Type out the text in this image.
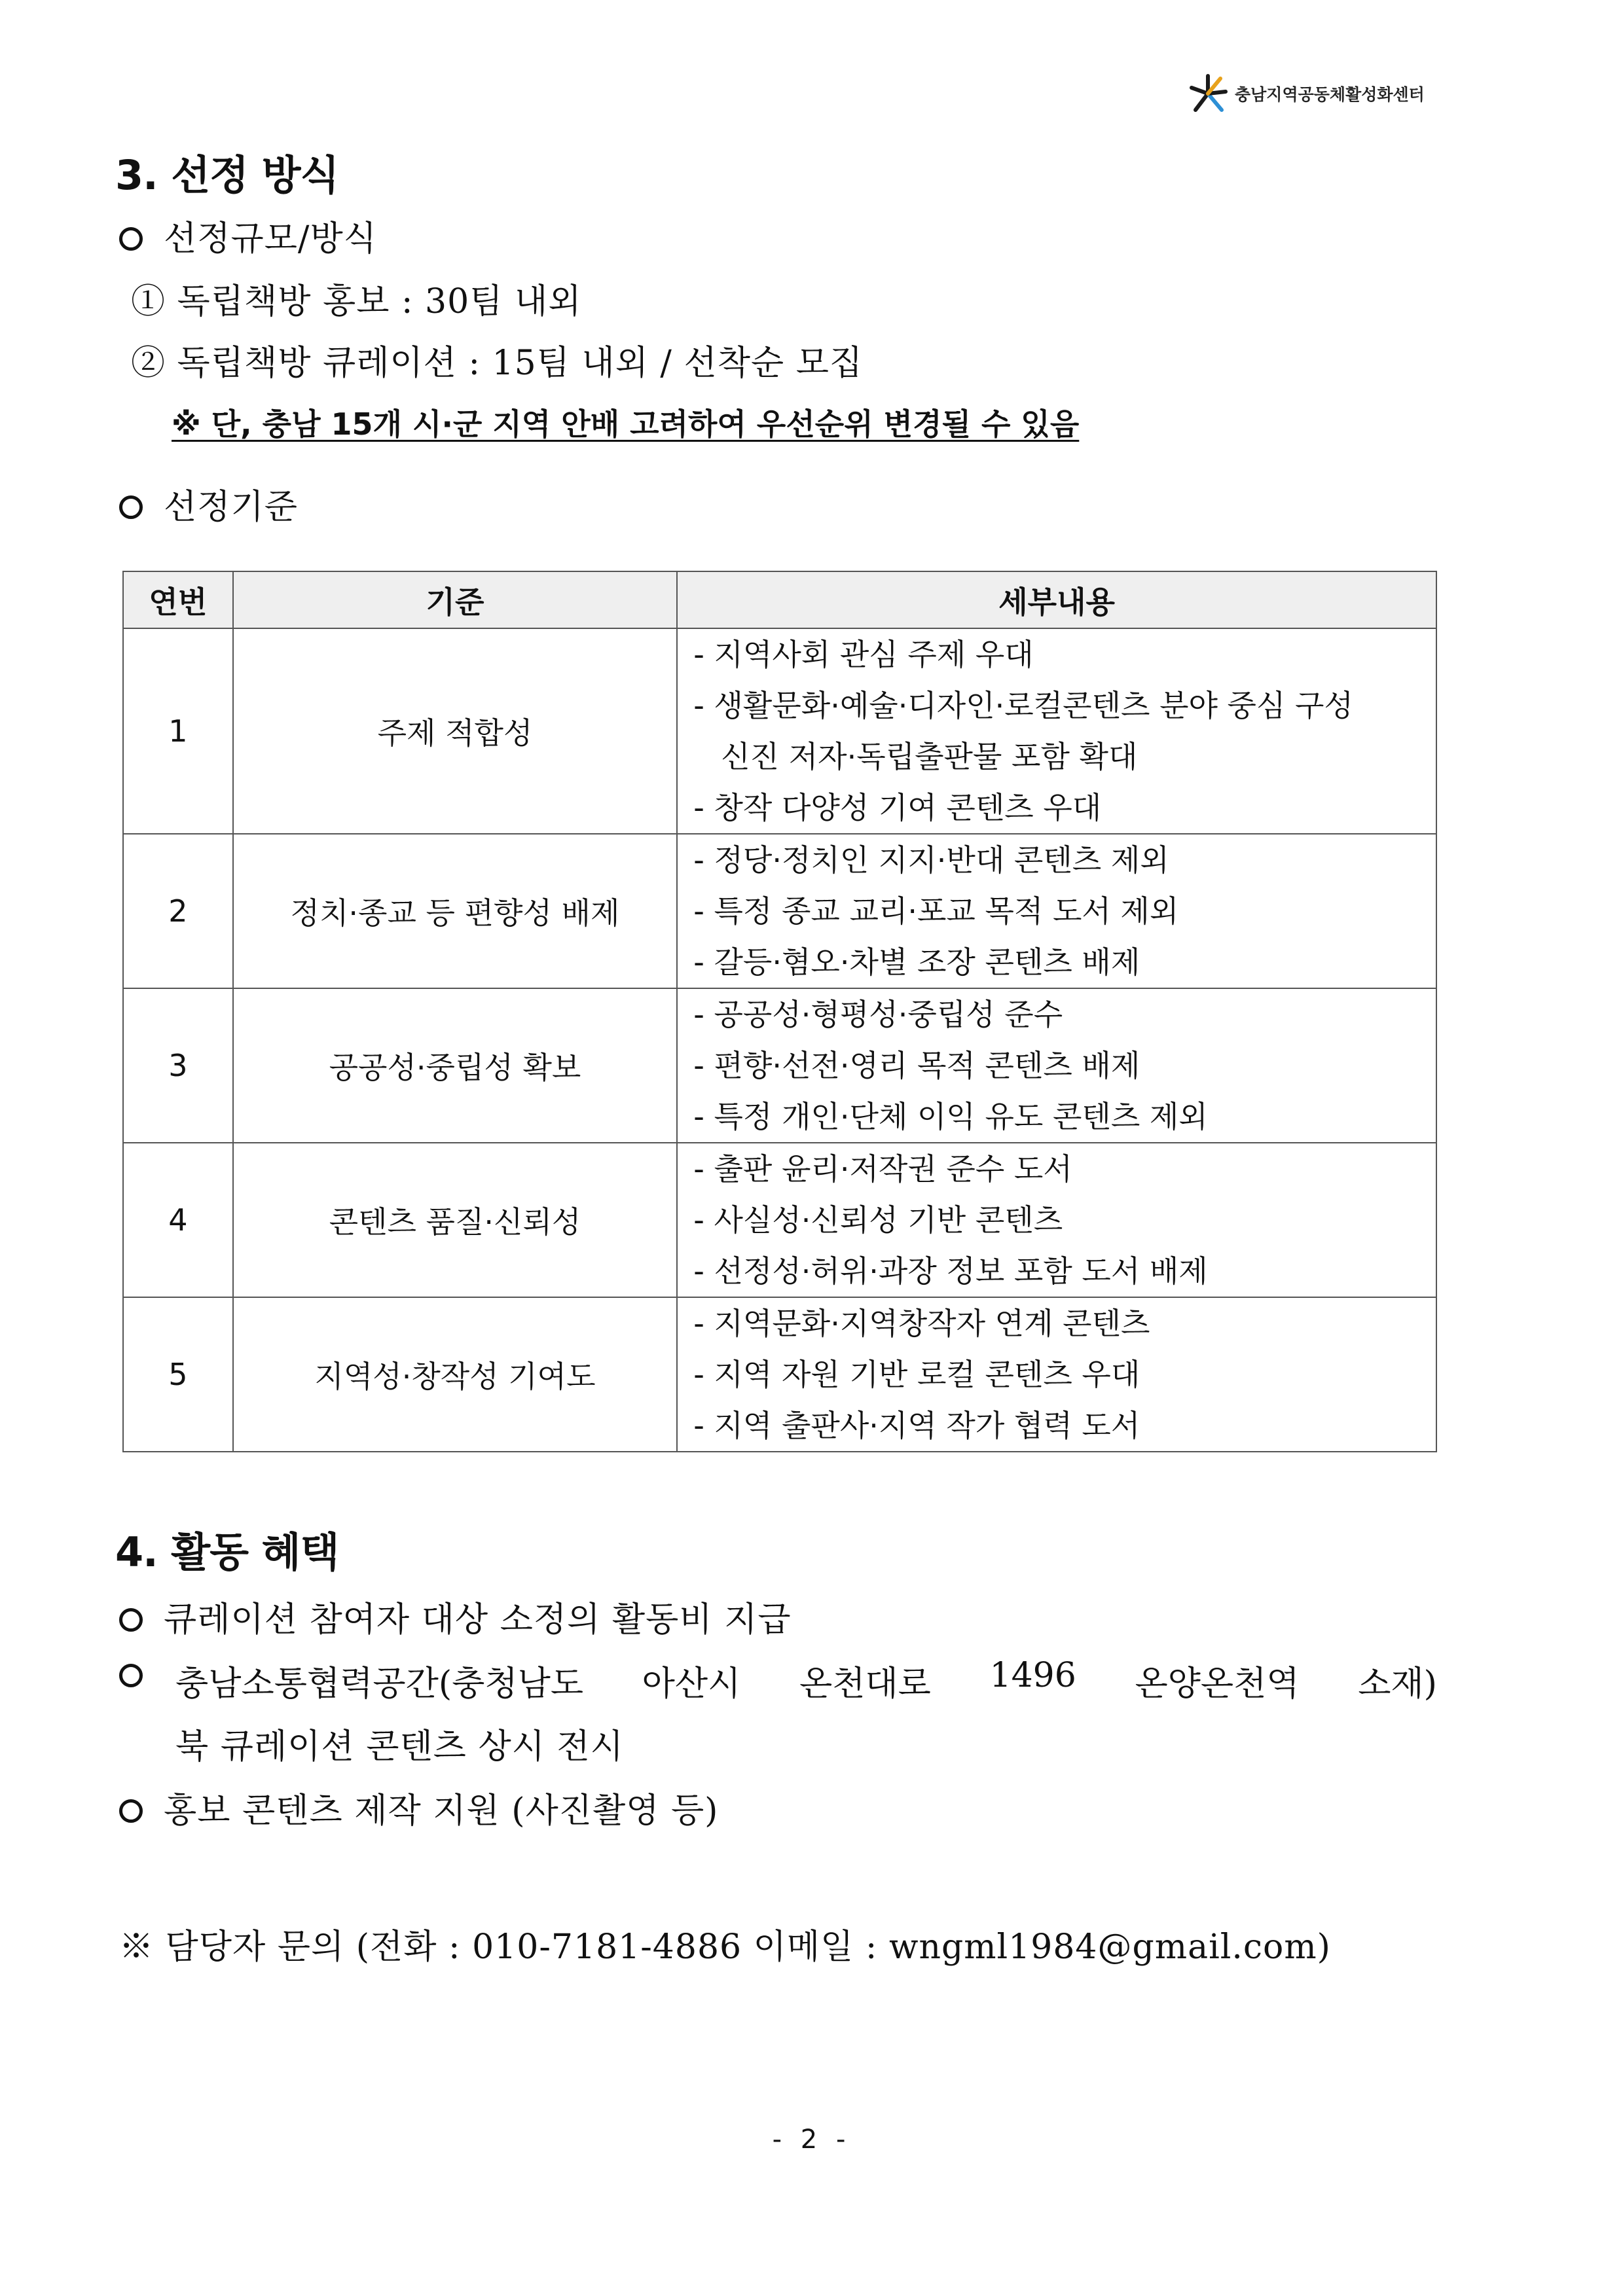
충남지역공동체활성화센터
3. 선정 방식
선정규모/방식
① 독립책방 홍보 : 30팀 내외
② 독립책방 큐레이션 : 15팀 내외 / 선착순 모집
※ 단, 충남 15개 시·군 지역 안배 고려하여 우선순위 변경될 수 있음
선정기준
연번	기준	세부내용
1	주제 적합성	- 지역사회 관심 주제 우대
- 생활문화·예술·디자인·로컬콘텐츠 분야 중심 구성
신진 저자·독립출판물 포함 확대
- 창작 다양성 기여 콘텐츠 우대

2	정치·종교 등 편향성 배제	- 정당·정치인 지지·반대 콘텐츠 제외
- 특정 종교 교리·포교 목적 도서 제외
- 갈등·혐오·차별 조장 콘텐츠 배제

3	공공성·중립성 확보	- 공공성·형평성·중립성 준수
- 편향·선전·영리 목적 콘텐츠 배제
- 특정 개인·단체 이익 유도 콘텐츠 제외

4	콘텐츠 품질·신뢰성	- 출판 윤리·저작권 준수 도서
- 사실성·신뢰성 기반 콘텐츠
- 선정성·허위·과장 정보 포함 도서 배제

5	지역성·창작성 기여도	- 지역문화·지역창작자 연계 콘텐츠
- 지역 자원 기반 로컬 콘텐츠 우대
- 지역 출판사·지역 작가 협력 도서
4. 활동 혜택
큐레이션 참여자 대상 소정의 활동비 지급
충남소통협력공간(충청남도 아산시 온천대로 1496 온양온천역 소재)
북 큐레이션 콘텐츠 상시 전시
홍보 콘텐츠 제작 지원 (사진촬영 등)
※ 담당자 문의 (전화 : 010-7181-4886 이메일 : wngml1984@gmail.com)
- 2 -
